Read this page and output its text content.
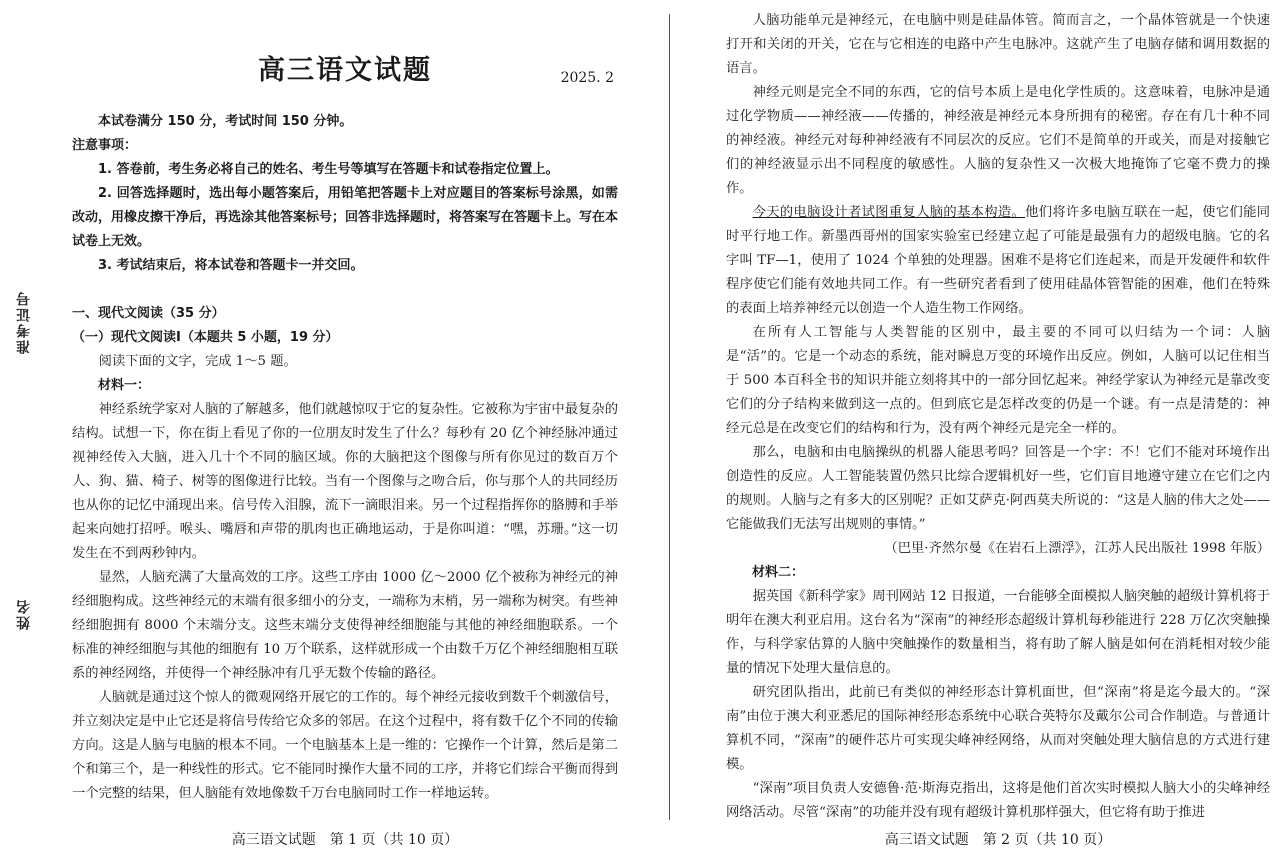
准考证号
姓名
高三语文试题	2025. 2

本试卷满分 150 分，考试时间 150 分钟。

注意事项：

1. 答卷前，考生务必将自己的姓名、考生号等填写在答题卡和试卷指定位置上。

2. 回答选择题时，选出每小题答案后，用铅笔把答题卡上对应题目的答案标号涂黑，如需改动，用橡皮擦干净后，再选涂其他答案标号；回答非选择题时，将答案写在答题卡上。写在本试卷上无效。

3. 考试结束后，将本试卷和答题卡一并交回。

一、现代文阅读（35 分）

（一）现代文阅读Ⅰ（本题共 5 小题，19 分）

阅读下面的文字，完成 1～5 题。

材料一：

神经系统学家对人脑的了解越多，他们就越惊叹于它的复杂性。它被称为宇宙中最复杂的结构。试想一下，你在街上看见了你的一位朋友时发生了什么？每秒有 20 亿个神经脉冲通过视神经传入大脑，进入几十个不同的脑区域。你的大脑把这个图像与所有你见过的数百万个人、狗、猫、椅子、树等的图像进行比较。当有一个图像与之吻合后，你与那个人的共同经历也从你的记忆中涌现出来。信号传入泪腺，流下一滴眼泪来。另一个过程指挥你的胳膊和手举起来向她打招呼。喉头、嘴唇和声带的肌肉也正确地运动，于是你叫道：“嘿，苏珊。”这一切发生在不到两秒钟内。

显然，人脑充满了大量高效的工序。这些工序由 1000 亿～2000 亿个被称为神经元的神经细胞构成。这些神经元的末端有很多细小的分支，一端称为末梢，另一端称为树突。有些神经细胞拥有 8000 个末端分支。这些末端分支使得神经细胞能与其他的神经细胞联系。一个标准的神经细胞与其他的细胞有 10 万个联系，这样就形成一个由数千万亿个神经细胞相互联系的神经网络，并使得一个神经脉冲有几乎无数个传输的路径。

人脑就是通过这个惊人的微观网络开展它的工作的。每个神经元接收到数千个刺激信号，并立刻决定是中止它还是将信号传给它众多的邻居。在这个过程中，将有数千亿个不同的传输方向。这是人脑与电脑的根本不同。一个电脑基本上是一维的：它操作一个计算，然后是第二个和第三个，是一种线性的形式。它不能同时操作大量不同的工序，并将它们综合平衡而得到一个完整的结果，但人脑能有效地像数千万台电脑同时工作一样地运转。

高三语文试题　第 1 页（共 10 页）

人脑功能单元是神经元，在电脑中则是硅晶体管。简而言之，一个晶体管就是一个快速打开和关闭的开关，它在与它相连的电路中产生电脉冲。这就产生了电脑存储和调用数据的语言。

神经元则是完全不同的东西，它的信号本质上是电化学性质的。这意味着，电脉冲是通过化学物质——神经液——传播的，神经液是神经元本身所拥有的秘密。存在有几十种不同的神经液。神经元对每种神经液有不同层次的反应。它们不是简单的开或关，而是对接触它们的神经液显示出不同程度的敏感性。人脑的复杂性又一次极大地掩饰了它毫不费力的操作。

今天的电脑设计者试图重复人脑的基本构造。他们将许多电脑互联在一起，使它们能同时平行地工作。新墨西哥州的国家实验室已经建立起了可能是最强有力的超级电脑。它的名字叫 TF—1，使用了 1024 个单独的处理器。困难不是将它们连起来，而是开发硬件和软件程序使它们能有效地共同工作。有一些研究者看到了使用硅晶体管智能的困难，他们在特殊的表面上培养神经元以创造一个人造生物工作网络。

在所有人工智能与人类智能的区别中，最主要的不同可以归结为一个词：人脑是“活”的。它是一个动态的系统，能对瞬息万变的环境作出反应。例如，人脑可以记住相当于 500 本百科全书的知识并能立刻将其中的一部分回忆起来。神经学家认为神经元是靠改变它们的分子结构来做到这一点的。但到底它是怎样改变的仍是一个谜。有一点是清楚的：神经元总是在改变它们的结构和行为，没有两个神经元是完全一样的。

那么，电脑和由电脑操纵的机器人能思考吗？回答是一个字：不！它们不能对环境作出创造性的反应。人工智能装置仍然只比综合逻辑机好一些，它们盲目地遵守建立在它们之内的规则。人脑与之有多大的区别呢？正如艾萨克·阿西莫夫所说的：“这是人脑的伟大之处——它能做我们无法写出规则的事情。”

（巴里·齐然尔曼《在岩石上漂浮》，江苏人民出版社 1998 年版）

材料二：

据英国《新科学家》周刊网站 12 日报道，一台能够全面模拟人脑突触的超级计算机将于明年在澳大利亚启用。这台名为“深南”的神经形态超级计算机每秒能进行 228 万亿次突触操作，与科学家估算的人脑中突触操作的数量相当，将有助了解人脑是如何在消耗相对较少能量的情况下处理大量信息的。

研究团队指出，此前已有类似的神经形态计算机面世，但“深南”将是迄今最大的。“深南”由位于澳大利亚悉尼的国际神经形态系统中心联合英特尔及戴尔公司合作制造。与普通计算机不同，“深南”的硬件芯片可实现尖峰神经网络，从而对突触处理大脑信息的方式进行建模。

“深南”项目负责人安德鲁·范·斯海克指出，这将是他们首次实时模拟人脑大小的尖峰神经网络活动。尽管“深南”的功能并没有现有超级计算机那样强大，但它将有助于推进

高三语文试题　第 2 页（共 10 页）
